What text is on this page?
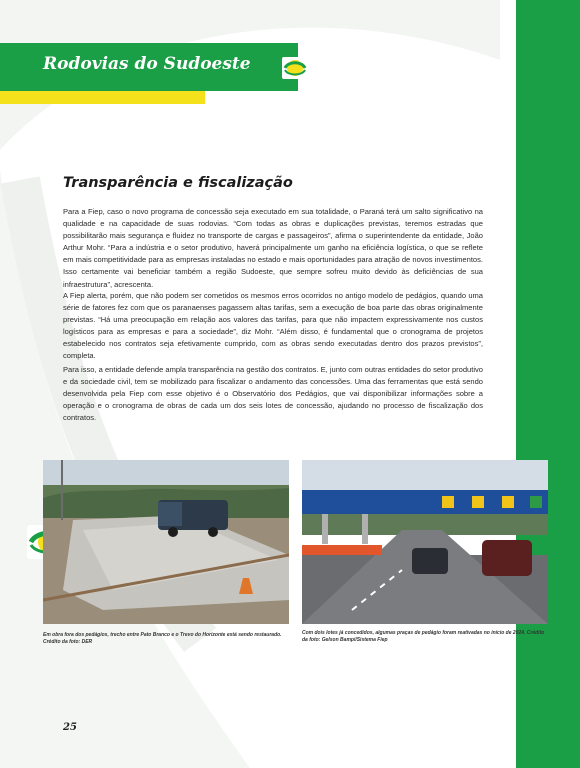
Rodovias do Sudoeste
Transparência e fiscalização

Para a Fiep, caso o novo programa de concessão seja executado em sua totalidade, o Paraná terá um salto significativo na qualidade e na capacidade de suas rodovias. “Com todas as obras e duplicações previstas, teremos estradas que possibilitarão mais segurança e fluidez no transporte de cargas e passageiros”, afirma o superintendente da entidade, João Arthur Mohr. “Para a indústria e o setor produtivo, haverá principalmente um ganho na eficiência logística, o que se reflete em mais competitividade para as empresas instaladas no estado e mais oportunidades para atração de novos investimentos. Isso certamente vai beneficiar também a região Sudoeste, que sempre sofreu muito devido às deficiências de sua infraestrutura”, acrescenta.

A Fiep alerta, porém, que não podem ser cometidos os mesmos erros ocorridos no antigo modelo de pedágios, quando uma série de fatores fez com que os paranaenses pagassem altas tarifas, sem a execução de boa parte das obras originalmente previstas. “Há uma preocupação em relação aos valores das tarifas, para que não impactem expressivamente nos custos logísticos para as empresas e para a sociedade”, diz Mohr. “Além disso, é fundamental que o cronograma de projetos estabelecido nos contratos seja efetivamente cumprido, com as obras sendo executadas dentro dos prazos previstos”, completa.

Para isso, a entidade defende ampla transparência na gestão dos contratos. E, junto com outras entidades do setor produtivo e da sociedade civil, tem se mobilizado para fiscalizar o andamento das concessões. Uma das ferramentas que está sendo desenvolvida pela Fiep com esse objetivo é o Observatório dos Pedágios, que vai disponibilizar informações sobre a operação e o cronograma de obras de cada um dos seis lotes de concessão, ajudando no processo de fiscalização dos contratos.

Em obra fora dos pedágios, trecho entre Pato Branco e o Trevo do Horizonte está sendo restaurado. Crédito da foto: DER
Com dois lotes já concedidos, algumas praças de pedágio foram reativadas no início de 2024. Crédito da foto: Gelson Bampi/Sistema Fiep
25
